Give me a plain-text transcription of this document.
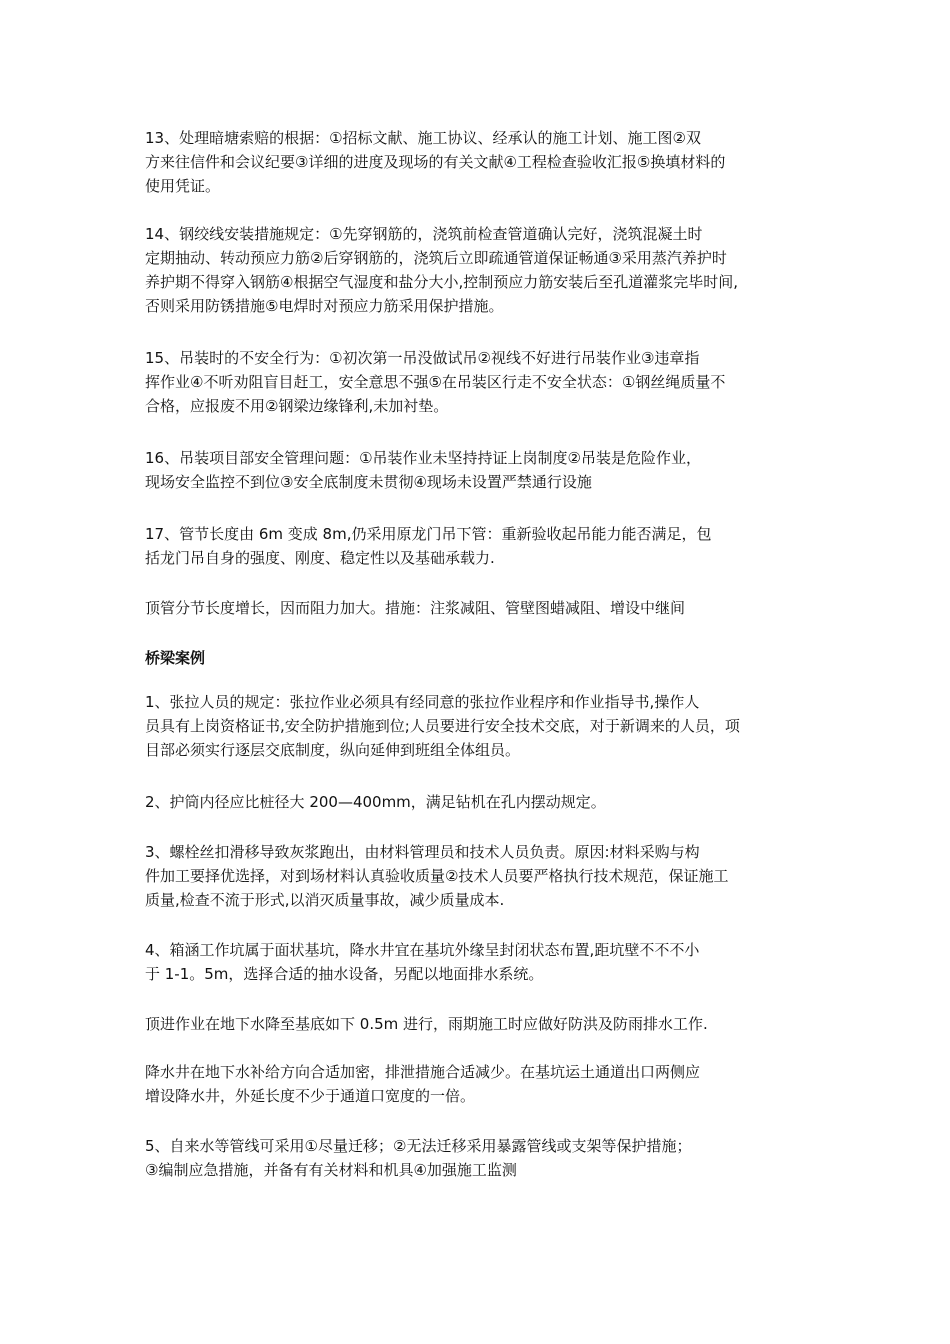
13、处理暗塘索赔的根据：①招标文献、施工协议、经承认的施工计划、施工图②双
方来往信件和会议纪要③详细的进度及现场的有关文献④工程检查验收汇报⑤换填材料的
使用凭证。

14、钢绞线安装措施规定：①先穿钢筋的，浇筑前检查管道确认完好，浇筑混凝土时
定期抽动、转动预应力筋②后穿钢筋的，浇筑后立即疏通管道保证畅通③采用蒸汽养护时
养护期不得穿入钢筋④根据空气湿度和盐分大小,控制预应力筋安装后至孔道灌浆完毕时间,
否则采用防锈措施⑤电焊时对预应力筋采用保护措施。

15、吊装时的不安全行为：①初次第一吊没做试吊②视线不好进行吊装作业③违章指
挥作业④不听劝阻盲目赶工，安全意思不强⑤在吊装区行走不安全状态：①钢丝绳质量不
合格，应报废不用②钢梁边缘锋利,未加衬垫。

16、吊装项目部安全管理问题：①吊装作业未坚持持证上岗制度②吊装是危险作业，
现场安全监控不到位③安全底制度未贯彻④现场未设置严禁通行设施

17、管节长度由 6m 变成 8m,仍采用原龙门吊下管：重新验收起吊能力能否满足，包
括龙门吊自身的强度、刚度、稳定性以及基础承载力.

顶管分节长度增长，因而阻力加大。措施：注浆减阻、管壁图蜡减阻、增设中继间

桥梁案例

1、张拉人员的规定：张拉作业必须具有经同意的张拉作业程序和作业指导书,操作人
员具有上岗资格证书,安全防护措施到位;人员要进行安全技术交底，对于新调来的人员，项
目部必须实行逐层交底制度，纵向延伸到班组全体组员。

2、护筒内径应比桩径大 200—400mm，满足钻机在孔内摆动规定。

3、螺栓丝扣滑移导致灰浆跑出，由材料管理员和技术人员负责。原因:材料采购与构
件加工要择优选择，对到场材料认真验收质量②技术人员要严格执行技术规范，保证施工
质量,检查不流于形式,以消灭质量事故，减少质量成本.

4、箱涵工作坑属于面状基坑，降水井宜在基坑外缘呈封闭状态布置,距坑壁不不不小
于 1-1。5m，选择合适的抽水设备，另配以地面排水系统。

顶进作业在地下水降至基底如下 0.5m 进行，雨期施工时应做好防洪及防雨排水工作.

降水井在地下水补给方向合适加密，排泄措施合适减少。在基坑运土通道出口两侧应
增设降水井，外延长度不少于通道口宽度的一倍。

5、自来水等管线可采用①尽量迁移；②无法迁移采用暴露管线或支架等保护措施；
③编制应急措施，并备有有关材料和机具④加强施工监测
